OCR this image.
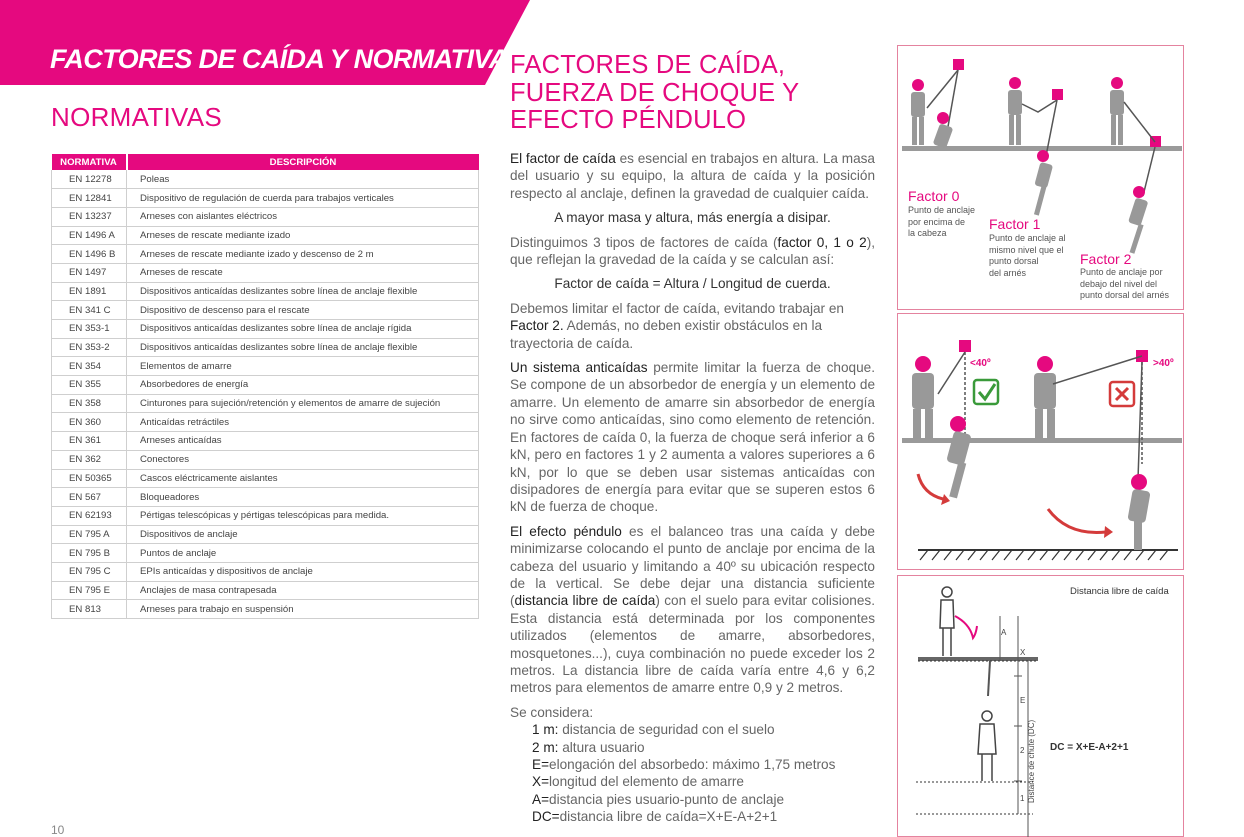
FACTORES DE CAÍDA Y NORMATIVAS
NORMATIVAS
NORMATIVA	DESCRIPCIÓN
EN 12278	Poleas
EN 12841	Dispositivo de regulación de cuerda para trabajos verticales
EN 13237	Arneses con aislantes eléctricos
EN 1496 A	Arneses de rescate mediante izado
EN 1496 B	Arneses de rescate mediante izado y descenso de 2 m
EN 1497	Arneses de rescate
EN 1891	Dispositivos anticaídas deslizantes sobre línea de anclaje flexible
EN 341 C	Dispositivo de descenso para el rescate
EN 353-1	Dispositivos anticaídas deslizantes sobre línea de anclaje rígida
EN 353-2	Dispositivos anticaídas deslizantes sobre línea de anclaje flexible
EN 354	Elementos de amarre
EN 355	Absorbedores de energía
EN 358	Cinturones para sujeción/retención y elementos de amarre de sujeción
EN 360	Anticaídas retráctiles
EN 361	Arneses anticaídas
EN 362	Conectores
EN 50365	Cascos eléctricamente aislantes
EN 567	Bloqueadores
EN 62193	Pértigas telescópicas y pértigas telescópicas para medida.
EN 795 A	Dispositivos de anclaje
EN 795 B	Puntos de anclaje
EN 795 C	EPIs anticaídas y dispositivos de anclaje
EN 795 E	Anclajes de masa contrapesada
EN 813	Arneses para trabajo en suspensión
10
FACTORES DE CAÍDA, FUERZA DE CHOQUE Y EFECTO PÉNDULO

El factor de caída es esencial en trabajos en altura. La masa del usuario y su equipo, la altura de caída y la posición respecto al anclaje, definen la gravedad de cualquier caída.

A mayor masa y altura, más energía a disipar.

Distinguimos 3 tipos de factores de caída (factor 0, 1 o 2), que reflejan la gravedad de la caída y se calculan así:

Factor de caída = Altura / Longitud de cuerda.

Debemos limitar el factor de caída, evitando trabajar en Factor 2. Además, no deben existir obstáculos en la trayectoria de caída.

Un sistema anticaídas permite limitar la fuerza de choque. Se compone de un absorbedor de energía y un elemento de amarre. Un elemento de amarre sin absorbedor de energía no sirve como anticaídas, sino como elemento de retención. En factores de caída 0, la fuerza de choque será inferior a 6 kN, pero en factores 1 y 2 aumenta a valores superiores a 6 kN, por lo que se deben usar sistemas anticaídas con disipadores de energía para evitar que se superen estos 6 kN de fuerza de choque.

El efecto péndulo es el balanceo tras una caída y debe minimizarse colocando el punto de anclaje por encima de la cabeza del usuario y limitando a 40º su ubicación respecto de la vertical. Se debe dejar una distancia suficiente (distancia libre de caída) con el suelo para evitar colisiones. Esta distancia está determinada por los componentes utilizados (elementos de amarre, absorbedores, mosquetones...), cuya combinación no puede exceder los 2 metros. La distancia libre de caída varía entre 4,6 y 6,2 metros para elementos de amarre entre 0,9 y 2 metros.

Se considera:

1 m: distancia de seguridad con el suelo
2 m: altura usuario
E=elongación del absorbedo: máximo 1,75 metros
X=longitud del elemento de amarre
A=distancia pies usuario-punto de anclaje
DC=distancia libre de caída=X+E-A+2+1
Factor 0
Punto de anclaje
por encima de
la cabeza
Factor 1
Punto de anclaje al
mismo nivel que el
punto dorsal
del arnés
Factor 2
Punto de anclaje por
debajo del nivel del
punto dorsal del arnés
<40º	>40º
Distancia libre de caída
DC = X+E-A+2+1
Distance de chute (DC)
A
X
E
2
1
